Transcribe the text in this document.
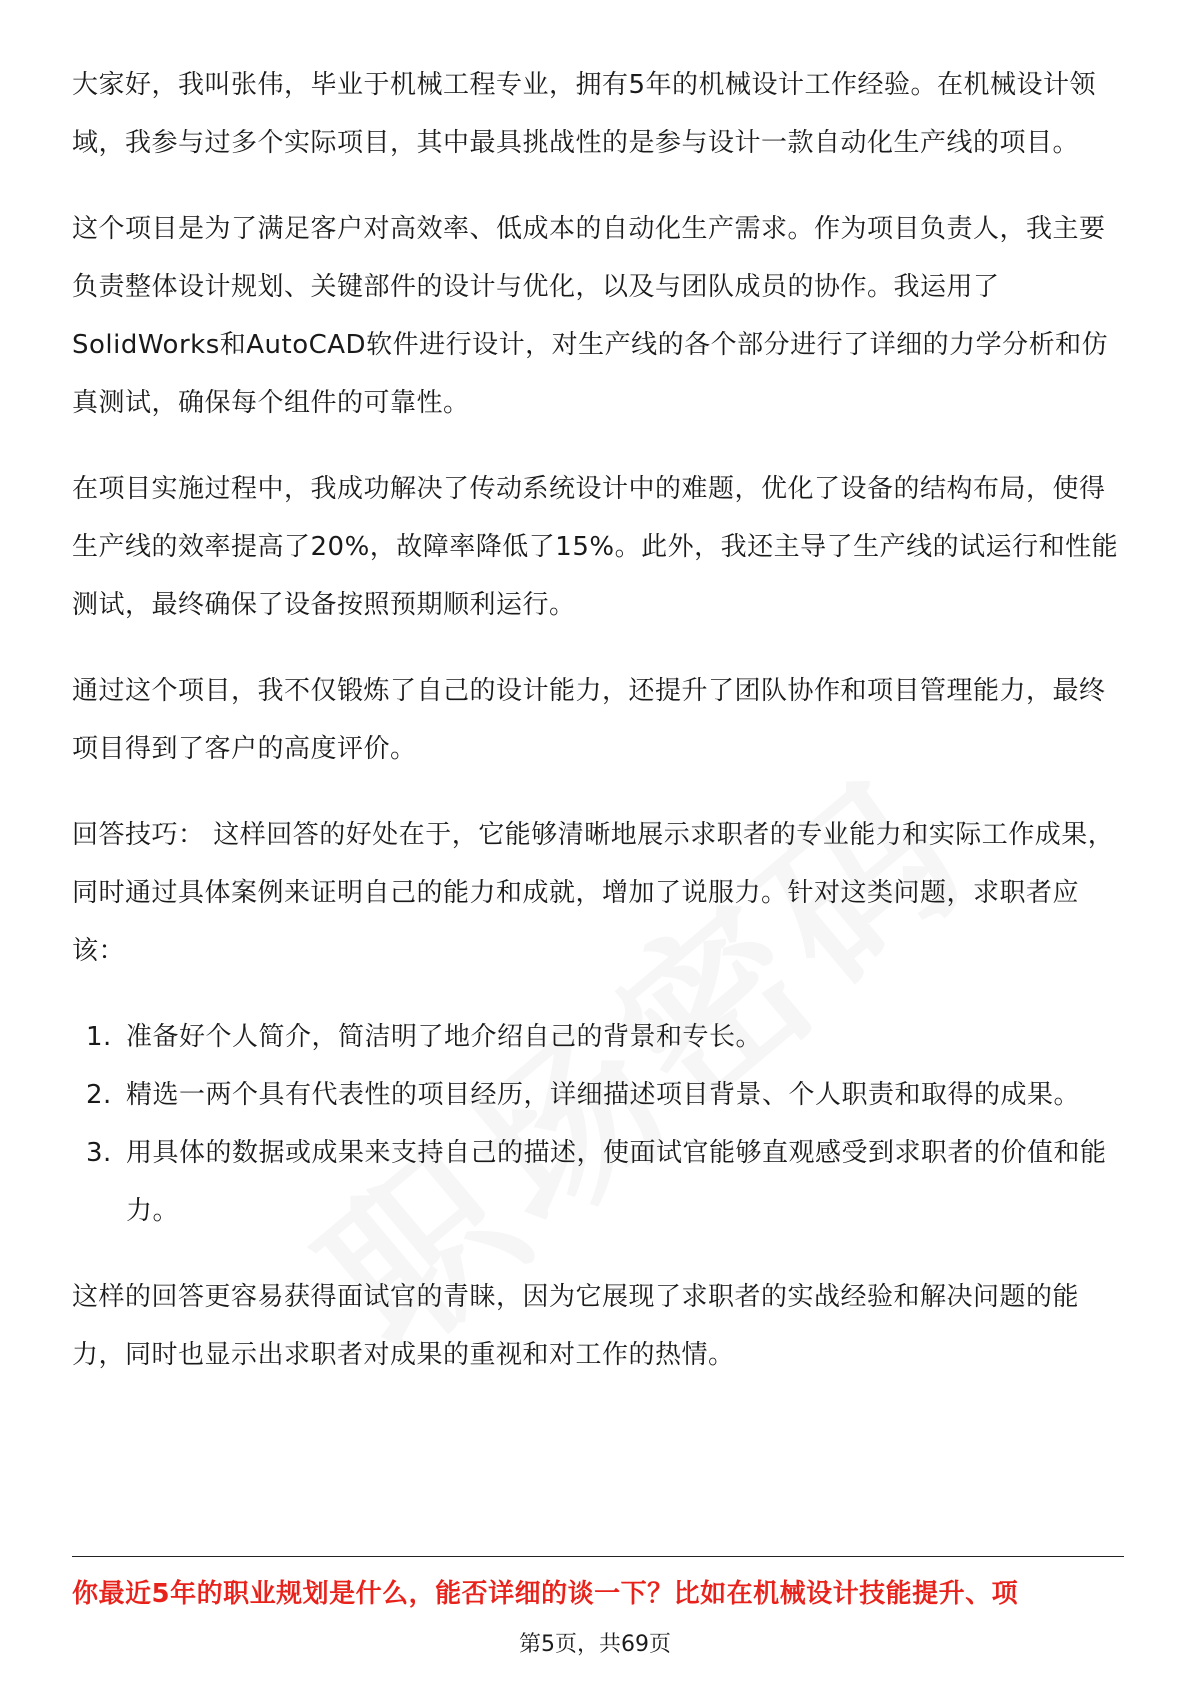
大家好，我叫张伟，毕业于机械工程专业，拥有5年的机械设计工作经验。在机械设计领域，我参与过多个实际项目，其中最具挑战性的是参与设计一款自动化生产线的项目。

这个项目是为了满足客户对高效率、低成本的自动化生产需求。作为项目负责人，我主要负责整体设计规划、关键部件的设计与优化，以及与团队成员的协作。我运用了SolidWorks和AutoCAD软件进行设计，对生产线的各个部分进行了详细的力学分析和仿真测试，确保每个组件的可靠性。

在项目实施过程中，我成功解决了传动系统设计中的难题，优化了设备的结构布局，使得生产线的效率提高了20%，故障率降低了15%。此外，我还主导了生产线的试运行和性能测试，最终确保了设备按照预期顺利运行。

通过这个项目，我不仅锻炼了自己的设计能力，还提升了团队协作和项目管理能力，最终项目得到了客户的高度评价。

回答技巧： 这样回答的好处在于，它能够清晰地展示求职者的专业能力和实际工作成果，同时通过具体案例来证明自己的能力和成就，增加了说服力。针对这类问题，求职者应该：

1. 准备好个人简介，简洁明了地介绍自己的背景和专长。
2. 精选一两个具有代表性的项目经历，详细描述项目背景、个人职责和取得的成果。
3. 用具体的数据或成果来支持自己的描述，使面试官能够直观感受到求职者的价值和能力。

这样的回答更容易获得面试官的青睐，因为它展现了求职者的实战经验和解决问题的能力，同时也显示出求职者对成果的重视和对工作的热情。

你最近5年的职业规划是什么，能否详细的谈一下？比如在机械设计技能提升、项
第5页，共69页
